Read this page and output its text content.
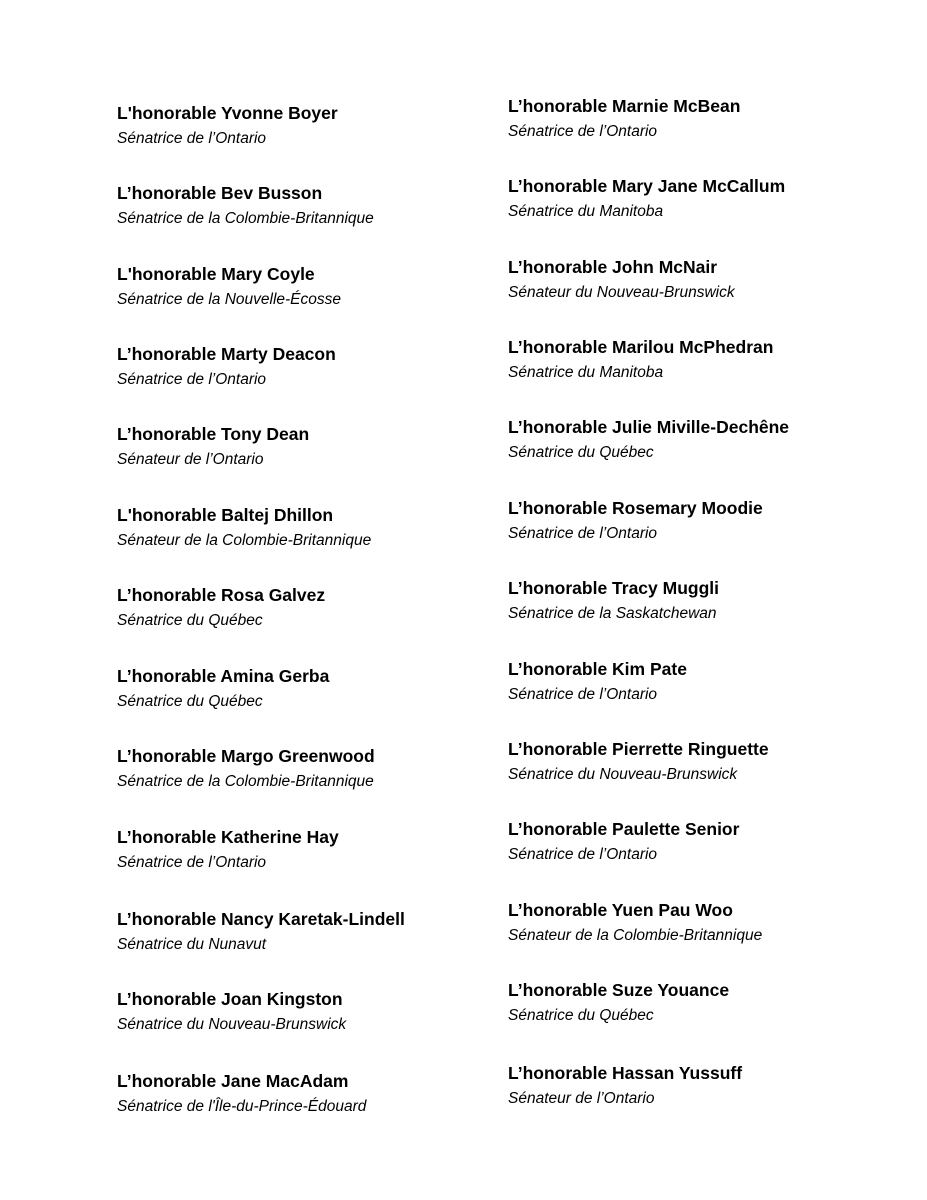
L'honorable Yvonne Boyer
Sénatrice de l’Ontario
L’honorable Bev Busson
Sénatrice de la Colombie-Britannique
L'honorable Mary Coyle
Sénatrice de la Nouvelle-Écosse
L’honorable Marty Deacon
Sénatrice de l’Ontario
L’honorable Tony Dean
Sénateur de l’Ontario
L'honorable Baltej Dhillon
Sénateur de la Colombie-Britannique
L’honorable Rosa Galvez
Sénatrice du Québec
L’honorable Amina Gerba
Sénatrice du Québec
L’honorable Margo Greenwood
Sénatrice de la Colombie-Britannique
L’honorable Katherine Hay
Sénatrice de l’Ontario
L’honorable Nancy Karetak-Lindell
Sénatrice du Nunavut
L’honorable Joan Kingston
Sénatrice du Nouveau-Brunswick
L’honorable Jane MacAdam
Sénatrice de l'Île-du-Prince-Édouard
L’honorable Marnie McBean
Sénatrice de l’Ontario
L’honorable Mary Jane McCallum
Sénatrice du Manitoba
L’honorable John McNair
Sénateur du Nouveau-Brunswick
L’honorable Marilou McPhedran
Sénatrice du Manitoba
L’honorable Julie Miville-Dechêne
Sénatrice du Québec
L’honorable Rosemary Moodie
Sénatrice de l’Ontario
L’honorable Tracy Muggli
Sénatrice de la Saskatchewan
L’honorable Kim Pate
Sénatrice de l’Ontario
L’honorable Pierrette Ringuette
Sénatrice du Nouveau-Brunswick
L’honorable Paulette Senior
Sénatrice de l’Ontario
L’honorable Yuen Pau Woo
Sénateur de la Colombie-Britannique
L’honorable Suze Youance
Sénatrice du Québec
L’honorable Hassan Yussuff
Sénateur de l’Ontario
